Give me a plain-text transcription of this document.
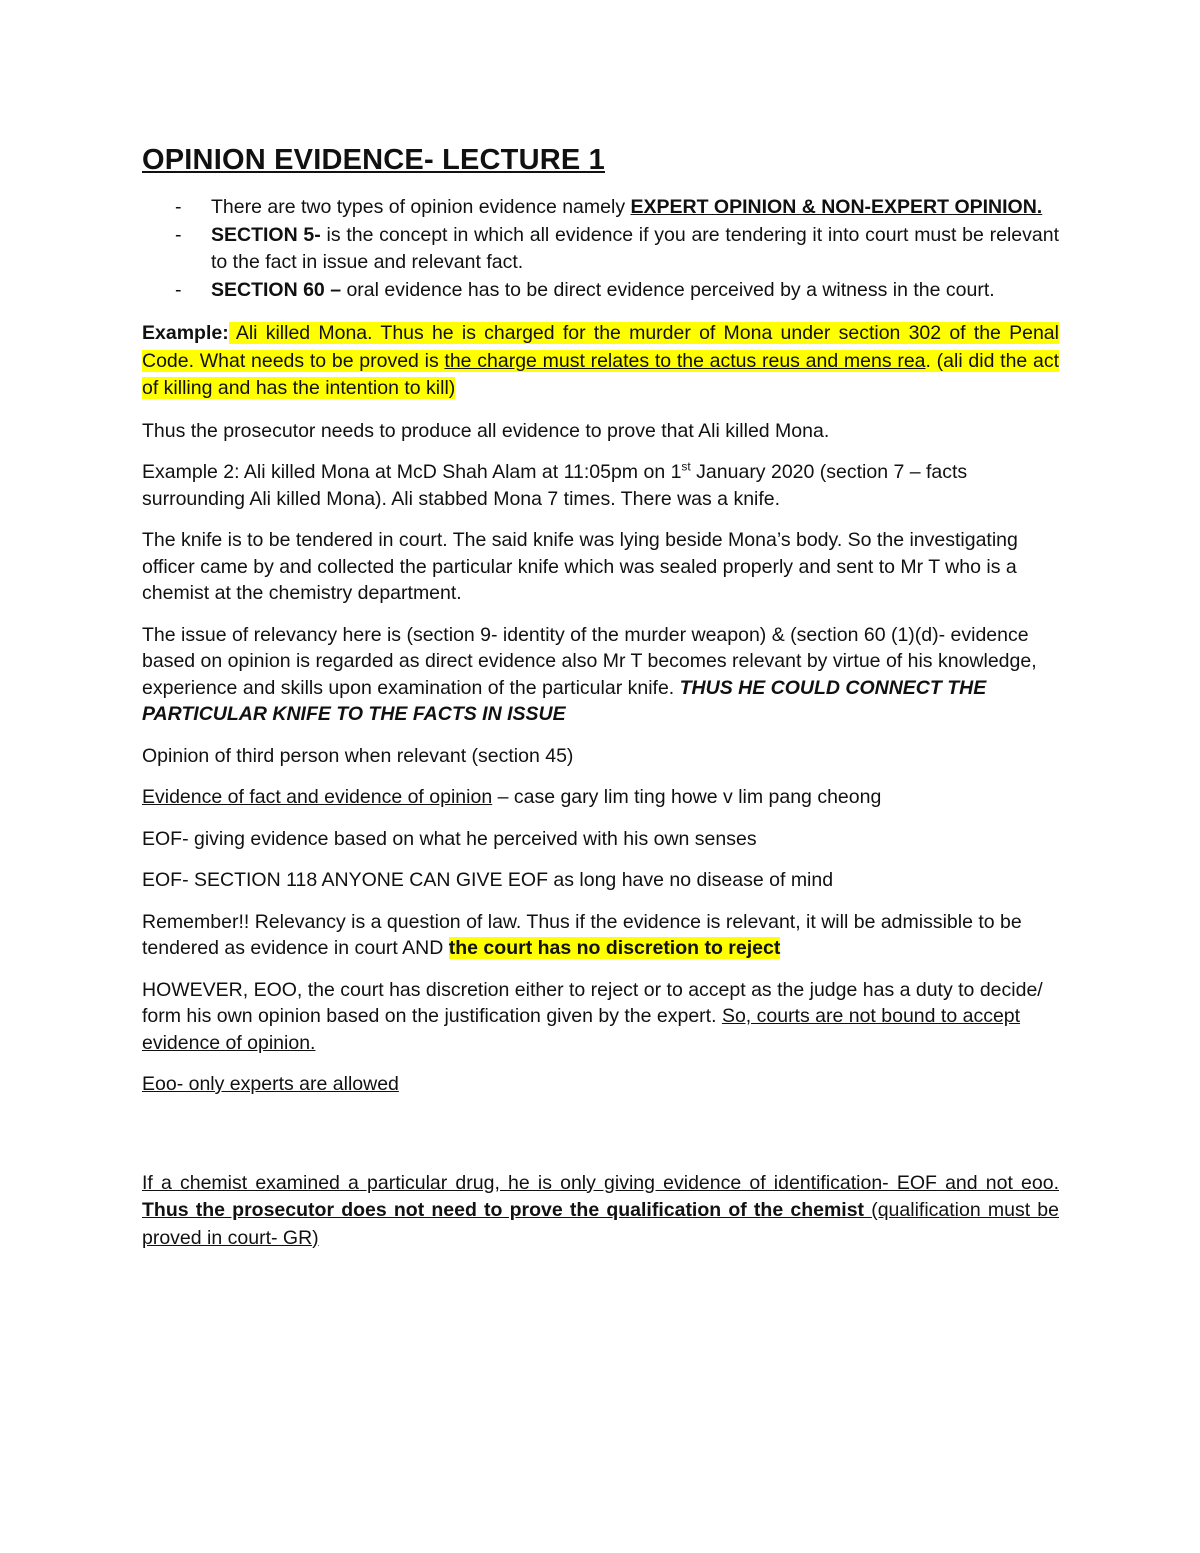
OPINION EVIDENCE- LECTURE 1
- There are two types of opinion evidence namely EXPERT OPINION & NON-EXPERT OPINION.
- SECTION 5- is the concept in which all evidence if you are tendering it into court must be relevant to the fact in issue and relevant fact.
- SECTION 60 – oral evidence has to be direct evidence perceived by a witness in the court.

Example: Ali killed Mona. Thus he is charged for the murder of Mona under section 302 of the Penal Code. What needs to be proved is the charge must relates to the actus reus and mens rea. (ali did the act of killing and has the intention to kill)

Thus the prosecutor needs to produce all evidence to prove that Ali killed Mona.

Example 2: Ali killed Mona at McD Shah Alam at 11:05pm on 1st January 2020 (section 7 – facts surrounding Ali killed Mona). Ali stabbed Mona 7 times. There was a knife.

The knife is to be tendered in court. The said knife was lying beside Mona’s body. So the investigating officer came by and collected the particular knife which was sealed properly and sent to Mr T who is a chemist at the chemistry department.

The issue of relevancy here is (section 9- identity of the murder weapon) & (section 60 (1)(d)- evidence based on opinion is regarded as direct evidence also Mr T becomes relevant by virtue of his knowledge, experience and skills upon examination of the particular knife. THUS HE COULD CONNECT THE PARTICULAR KNIFE TO THE FACTS IN ISSUE

Opinion of third person when relevant (section 45)

Evidence of fact and evidence of opinion – case gary lim ting howe v lim pang cheong

EOF- giving evidence based on what he perceived with his own senses

EOF- SECTION 118 ANYONE CAN GIVE EOF as long have no disease of mind

Remember!! Relevancy is a question of law. Thus if the evidence is relevant, it will be admissible to be tendered as evidence in court AND the court has no discretion to reject

HOWEVER, EOO, the court has discretion either to reject or to accept as the judge has a duty to decide/ form his own opinion based on the justification given by the expert. So, courts are not bound to accept evidence of opinion.

Eoo- only experts are allowed

If a chemist examined a particular drug, he is only giving evidence of identification- EOF and not eoo. Thus the prosecutor does not need to prove the qualification of the chemist (qualification must be proved in court- GR)
